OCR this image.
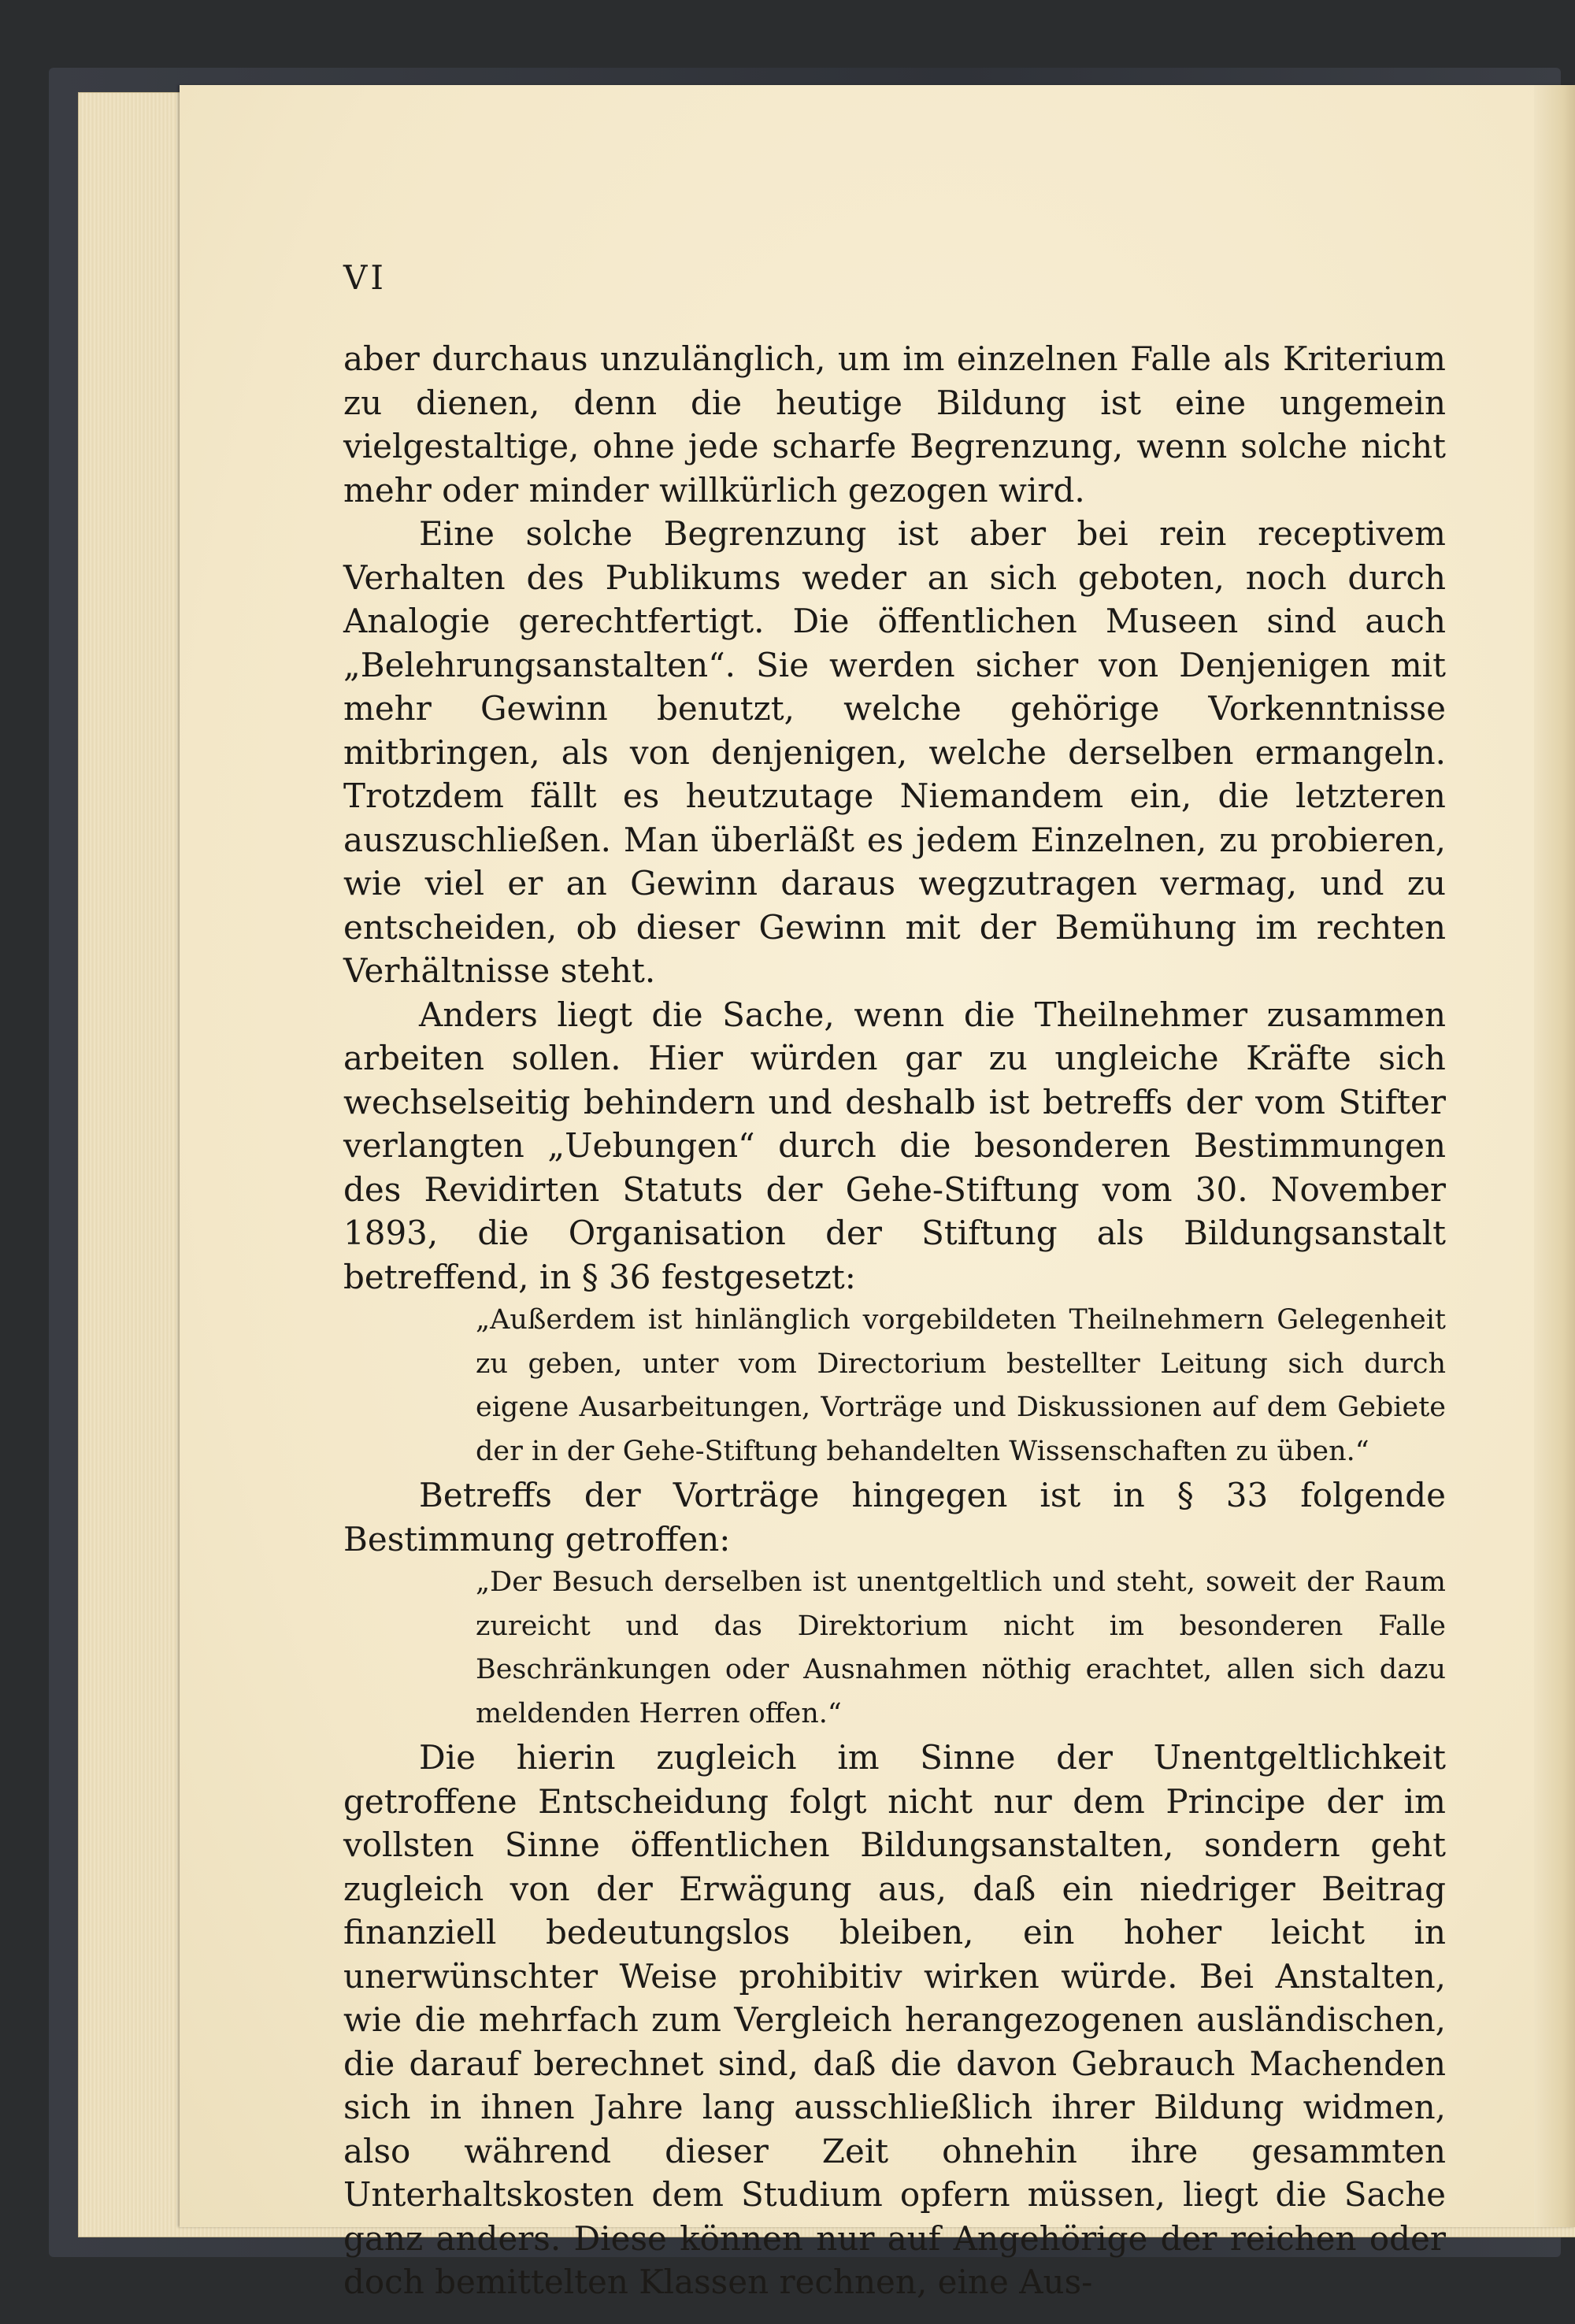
VI

aber durchaus unzulänglich, um im einzelnen Falle als Kriterium zu dienen, denn die heutige Bildung ist eine ungemein vielgestaltige, ohne jede scharfe Begrenzung, wenn solche nicht mehr oder minder willkürlich gezogen wird.

Eine solche Begrenzung ist aber bei rein receptivem Verhalten des Publikums weder an sich geboten, noch durch Analogie gerechtfertigt. Die öffentlichen Museen sind auch „Belehrungsanstalten“. Sie werden sicher von Denjenigen mit mehr Gewinn benutzt, welche gehörige Vorkenntnisse mitbringen, als von denjenigen, welche derselben ermangeln. Trotzdem fällt es heutzutage Niemandem ein, die letzteren auszuschließen. Man überläßt es jedem Einzelnen, zu probieren, wie viel er an Gewinn daraus wegzutragen vermag, und zu entscheiden, ob dieser Gewinn mit der Bemühung im rechten Verhältnisse steht.

Anders liegt die Sache, wenn die Theilnehmer zusammen arbeiten sollen. Hier würden gar zu ungleiche Kräfte sich wechselseitig behindern und deshalb ist betreffs der vom Stifter verlangten „Uebungen“ durch die besonderen Bestimmungen des Revidirten Statuts der Gehe-Stiftung vom 30. November 1893, die Organisation der Stiftung als Bildungsanstalt betreffend, in § 36 festgesetzt:

„Außerdem ist hinlänglich vorgebildeten Theilnehmern Gelegenheit zu geben, unter vom Directorium bestellter Leitung sich durch eigene Ausarbeitungen, Vorträge und Diskussionen auf dem Gebiete der in der Gehe-Stiftung behandelten Wissenschaften zu üben.“

Betreffs der Vorträge hingegen ist in § 33 folgende Bestimmung getroffen:

„Der Besuch derselben ist unentgeltlich und steht, soweit der Raum zureicht und das Direktorium nicht im besonderen Falle Beschränkungen oder Ausnahmen nöthig erachtet, allen sich dazu meldenden Herren offen.“

Die hierin zugleich im Sinne der Unentgeltlichkeit getroffene Entscheidung folgt nicht nur dem Principe der im vollsten Sinne öffentlichen Bildungsanstalten, sondern geht zugleich von der Erwägung aus, daß ein niedriger Beitrag finanziell bedeutungslos bleiben, ein hoher leicht in unerwünschter Weise prohibitiv wirken würde. Bei Anstalten, wie die mehrfach zum Vergleich herangezogenen ausländischen, die darauf berechnet sind, daß die davon Gebrauch Machenden sich in ihnen Jahre lang ausschließlich ihrer Bildung widmen, also während dieser Zeit ohnehin ihre gesammten Unterhaltskosten dem Studium opfern müssen, liegt die Sache ganz anders. Diese können nur auf Angehörige der reichen oder doch bemittelten Klassen rechnen, eine Aus-
